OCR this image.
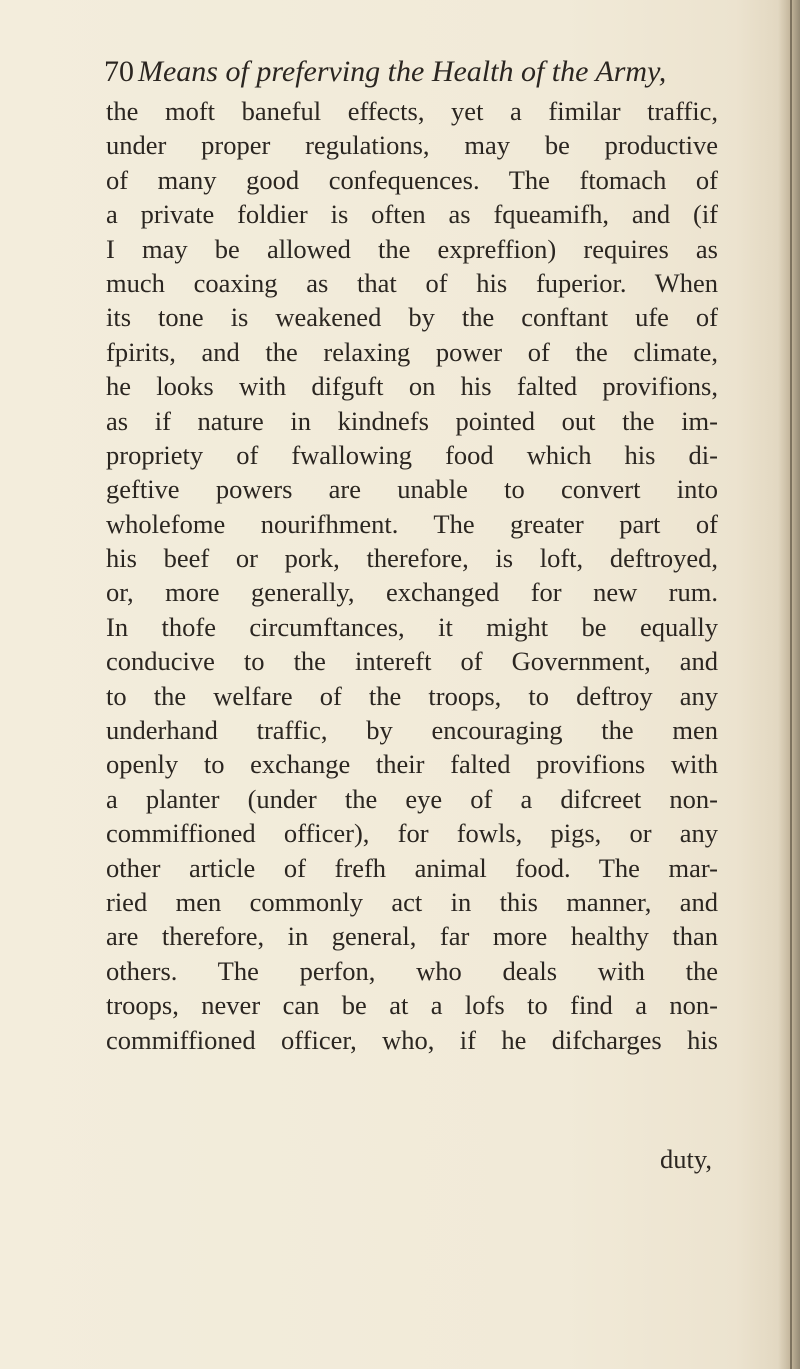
70 Means of preferving the Health of the Army,
the moft baneful effects, yet a fimilar traffic,
under proper regulations, may be productive
of many good confequences. The ftomach of
a private foldier is often as fqueamifh, and (if
I may be allowed the expreffion) requires as
much coaxing as that of his fuperior. When
its tone is weakened by the conftant ufe of
fpirits, and the relaxing power of the climate,
he looks with difguft on his falted provifions,
as if nature in kindnefs pointed out the im-
propriety of fwallowing food which his di-
geftive powers are unable to convert into
wholefome nourifhment. The greater part of
his beef or pork, therefore, is loft, deftroyed,
or, more generally, exchanged for new rum.
In thofe circumftances, it might be equally
conducive to the intereft of Government, and
to the welfare of the troops, to deftroy any
underhand traffic, by encouraging the men
openly to exchange their falted provifions with
a planter (under the eye of a difcreet non-
commiffioned officer), for fowls, pigs, or any
other article of frefh animal food. The mar-
ried men commonly act in this manner, and
are therefore, in general, far more healthy than
others. The perfon, who deals with the
troops, never can be at a lofs to find a non-
commiffioned officer, who, if he difcharges his
duty,
